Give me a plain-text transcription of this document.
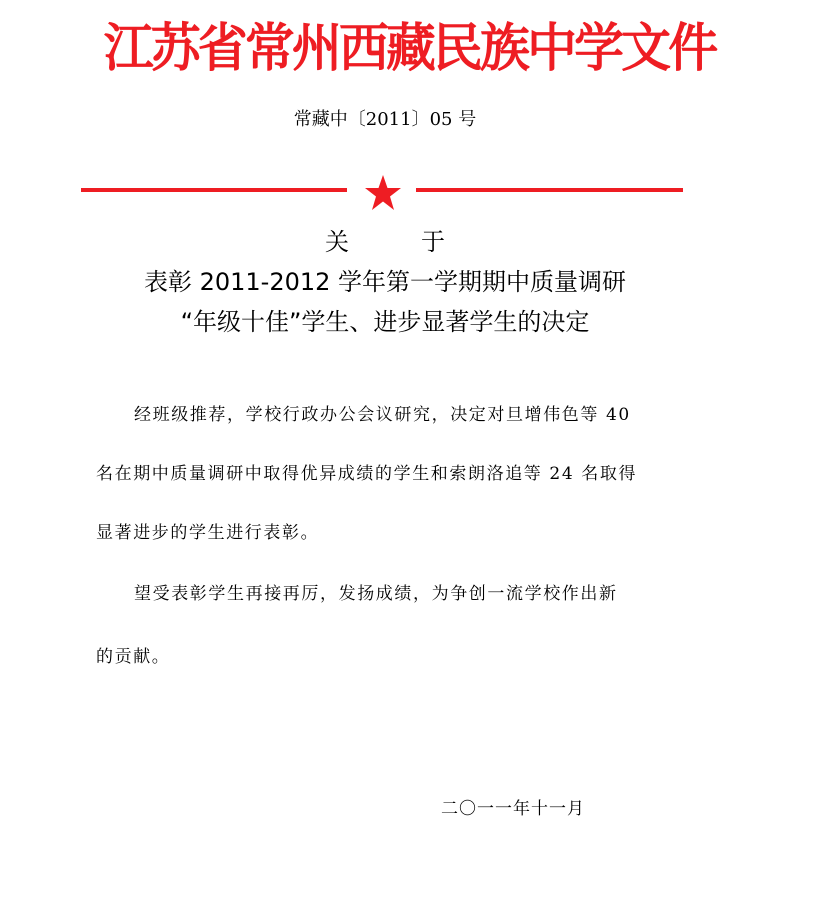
江苏省常州西藏民族中学文件
常藏中〔2011〕05 号
关	于
表彰 2011-2012 学年第一学期期中质量调研
“年级十佳”学生、进步显著学生的决定
经班级推荐，学校行政办公会议研究，决定对旦增伟色等 40
名在期中质量调研中取得优异成绩的学生和索朗洛追等 24 名取得
显著进步的学生进行表彰。
望受表彰学生再接再厉，发扬成绩，为争创一流学校作出新
的贡献。
二〇一一年十一月
